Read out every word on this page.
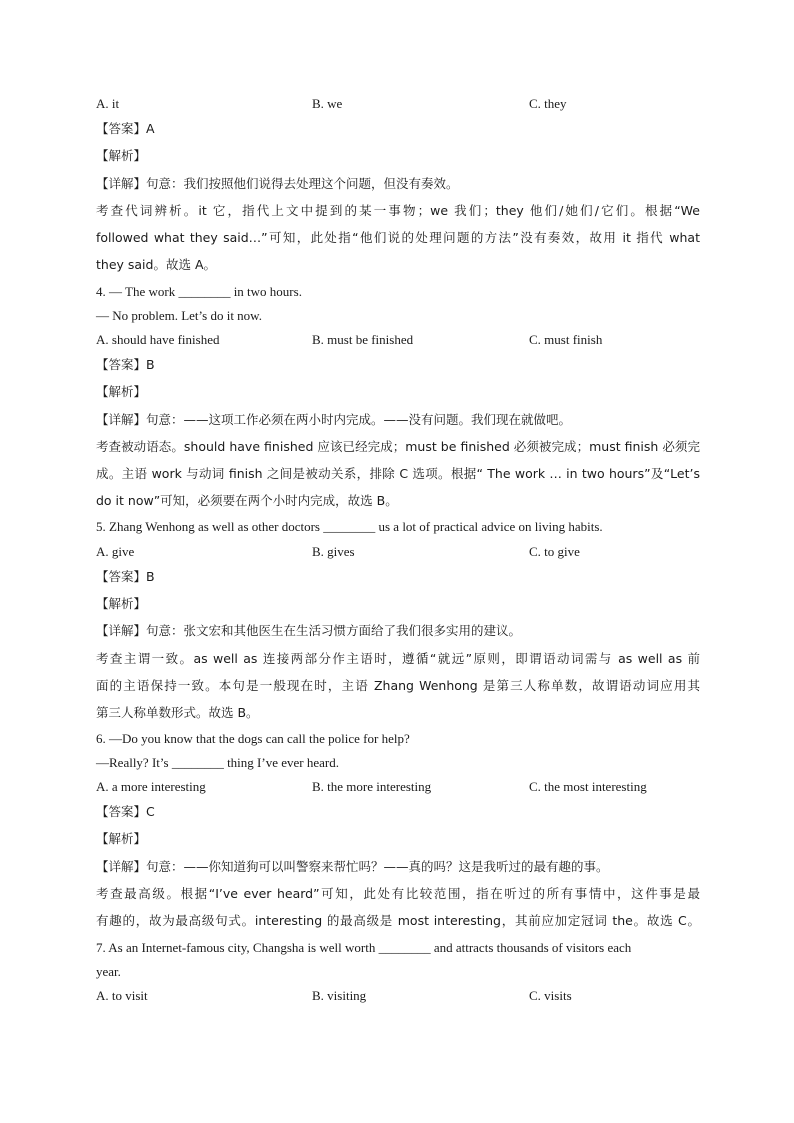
A. it	B. we	C. they
【答案】A
【解析】
【详解】句意：我们按照他们说得去处理这个问题，但没有奏效。
考查代词辨析。it 它，指代上文中提到的某一事物；we 我们；they 他们/她们/它们。根据“We
followed what they said…”可知，此处指“他们说的处理问题的方法”没有奏效，故用 it 指代 what
they said。故选 A。
4. — The work ________ in two hours.
— No problem. Let’s do it now.
A. should have finished	B. must be finished	C. must finish
【答案】B
【解析】
【详解】句意：——这项工作必须在两小时内完成。——没有问题。我们现在就做吧。
考查被动语态。should have finished 应该已经完成；must be finished 必须被完成；must finish 必须完
成。主语 work 与动词 finish 之间是被动关系，排除 C 选项。根据“ The work … in two hours”及“Let’s
do it now”可知，必须要在两个小时内完成，故选 B。
5. Zhang Wenhong as well as other doctors ________ us a lot of practical advice on living habits.
A. give	B. gives	C. to give
【答案】B
【解析】
【详解】句意：张文宏和其他医生在生活习惯方面给了我们很多实用的建议。
考查主谓一致。as well as 连接两部分作主语时，遵循“就远”原则，即谓语动词需与 as well as 前
面的主语保持一致。本句是一般现在时，主语 Zhang Wenhong 是第三人称单数，故谓语动词应用其
第三人称单数形式。故选 B。
6. —Do you know that the dogs can call the police for help?
—Really? It’s ________ thing I’ve ever heard.
A. a more interesting	B. the more interesting	C. the most interesting
【答案】C
【解析】
【详解】句意：——你知道狗可以叫警察来帮忙吗？——真的吗？这是我听过的最有趣的事。
考查最高级。根据“I’ve ever heard”可知，此处有比较范围，指在听过的所有事情中，这件事是最
有趣的，故为最高级句式。interesting 的最高级是 most interesting，其前应加定冠词 the。故选 C。
7. As an Internet-famous city, Changsha is well worth ________ and attracts thousands of visitors each
year.
A. to visit	B. visiting	C. visits
